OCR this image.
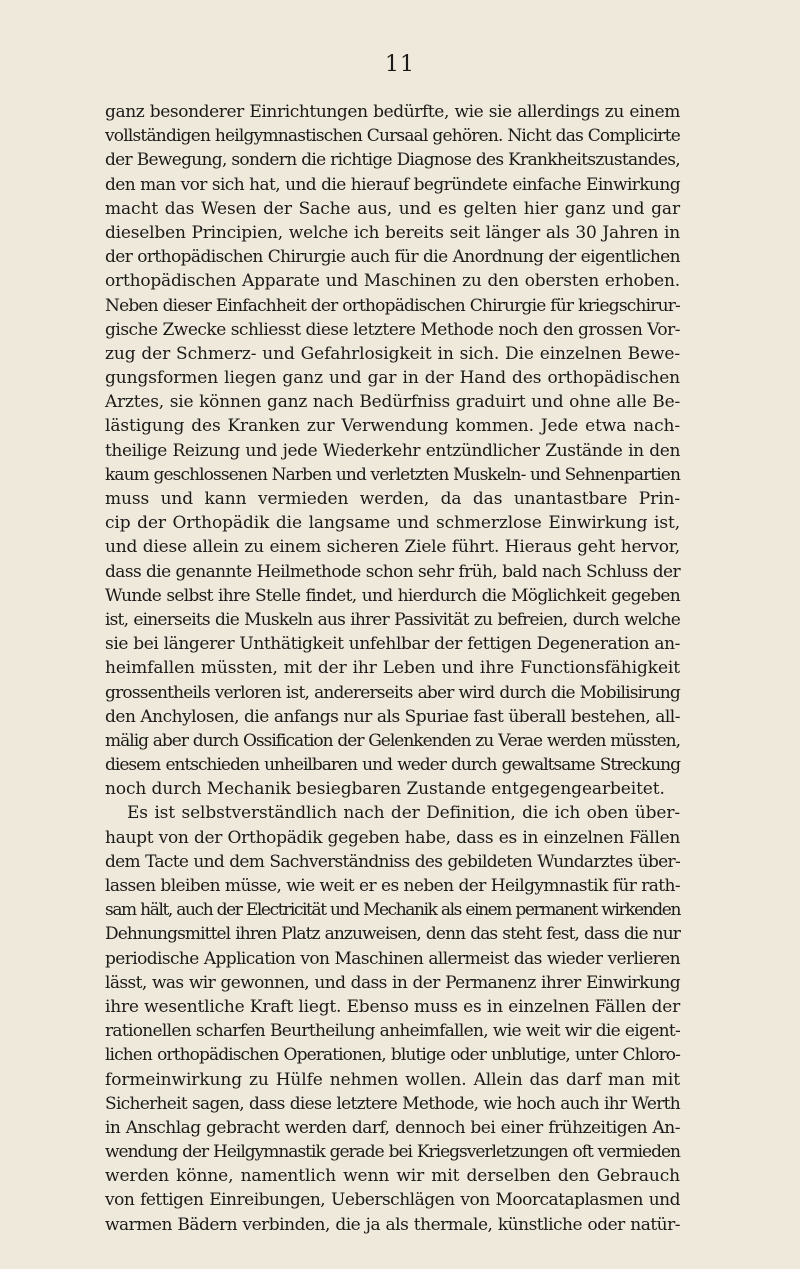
11
ganz besonderer Einrichtungen bedürfte, wie sie allerdings zu einem
vollständigen heilgymnastischen Cursaal gehören. Nicht das Complicirte
der Bewegung, sondern die richtige Diagnose des Krankheitszustandes,
den man vor sich hat, und die hierauf begründete einfache Einwirkung
macht das Wesen der Sache aus, und es gelten hier ganz und gar
dieselben Principien, welche ich bereits seit länger als 30 Jahren in
der orthopädischen Chirurgie auch für die Anordnung der eigentlichen
orthopädischen Apparate und Maschinen zu den obersten erhoben.
Neben dieser Einfachheit der orthopädischen Chirurgie für kriegschirur-
gische Zwecke schliesst diese letztere Methode noch den grossen Vor-
zug der Schmerz- und Gefahrlosigkeit in sich. Die einzelnen Bewe-
gungsformen liegen ganz und gar in der Hand des orthopädischen
Arztes, sie können ganz nach Bedürfniss graduirt und ohne alle Be-
lästigung des Kranken zur Verwendung kommen. Jede etwa nach-
theilige Reizung und jede Wiederkehr entzündlicher Zustände in den
kaum geschlossenen Narben und verletzten Muskeln- und Sehnenpartien
muss und kann vermieden werden, da das unantastbare Prin-
cip der Orthopädik die langsame und schmerzlose Einwirkung ist,
und diese allein zu einem sicheren Ziele führt. Hieraus geht hervor,
dass die genannte Heilmethode schon sehr früh, bald nach Schluss der
Wunde selbst ihre Stelle findet, und hierdurch die Möglichkeit gegeben
ist, einerseits die Muskeln aus ihrer Passivität zu befreien, durch welche
sie bei längerer Unthätigkeit unfehlbar der fettigen Degeneration an-
heimfallen müssten, mit der ihr Leben und ihre Functionsfähigkeit
grossentheils verloren ist, andererseits aber wird durch die Mobilisirung
den Anchylosen, die anfangs nur als Spuriae fast überall bestehen, all-
mälig aber durch Ossification der Gelenkenden zu Verae werden müssten,
diesem entschieden unheilbaren und weder durch gewaltsame Streckung
noch durch Mechanik besiegbaren Zustande entgegengearbeitet.
Es ist selbstverständlich nach der Definition, die ich oben über-
haupt von der Orthopädik gegeben habe, dass es in einzelnen Fällen
dem Tacte und dem Sachverständniss des gebildeten Wundarztes über-
lassen bleiben müsse, wie weit er es neben der Heilgymnastik für rath-
sam hält, auch der Electricität und Mechanik als einem permanent wirkenden
Dehnungsmittel ihren Platz anzuweisen, denn das steht fest, dass die nur
periodische Application von Maschinen allermeist das wieder verlieren
lässt, was wir gewonnen, und dass in der Permanenz ihrer Einwirkung
ihre wesentliche Kraft liegt. Ebenso muss es in einzelnen Fällen der
rationellen scharfen Beurtheilung anheimfallen, wie weit wir die eigent-
lichen orthopädischen Operationen, blutige oder unblutige, unter Chloro-
formeinwirkung zu Hülfe nehmen wollen. Allein das darf man mit
Sicherheit sagen, dass diese letztere Methode, wie hoch auch ihr Werth
in Anschlag gebracht werden darf, dennoch bei einer frühzeitigen An-
wendung der Heilgymnastik gerade bei Kriegsverletzungen oft vermieden
werden könne, namentlich wenn wir mit derselben den Gebrauch
von fettigen Einreibungen, Ueberschlägen von Moorcataplasmen und
warmen Bädern verbinden, die ja als thermale, künstliche oder natür-
